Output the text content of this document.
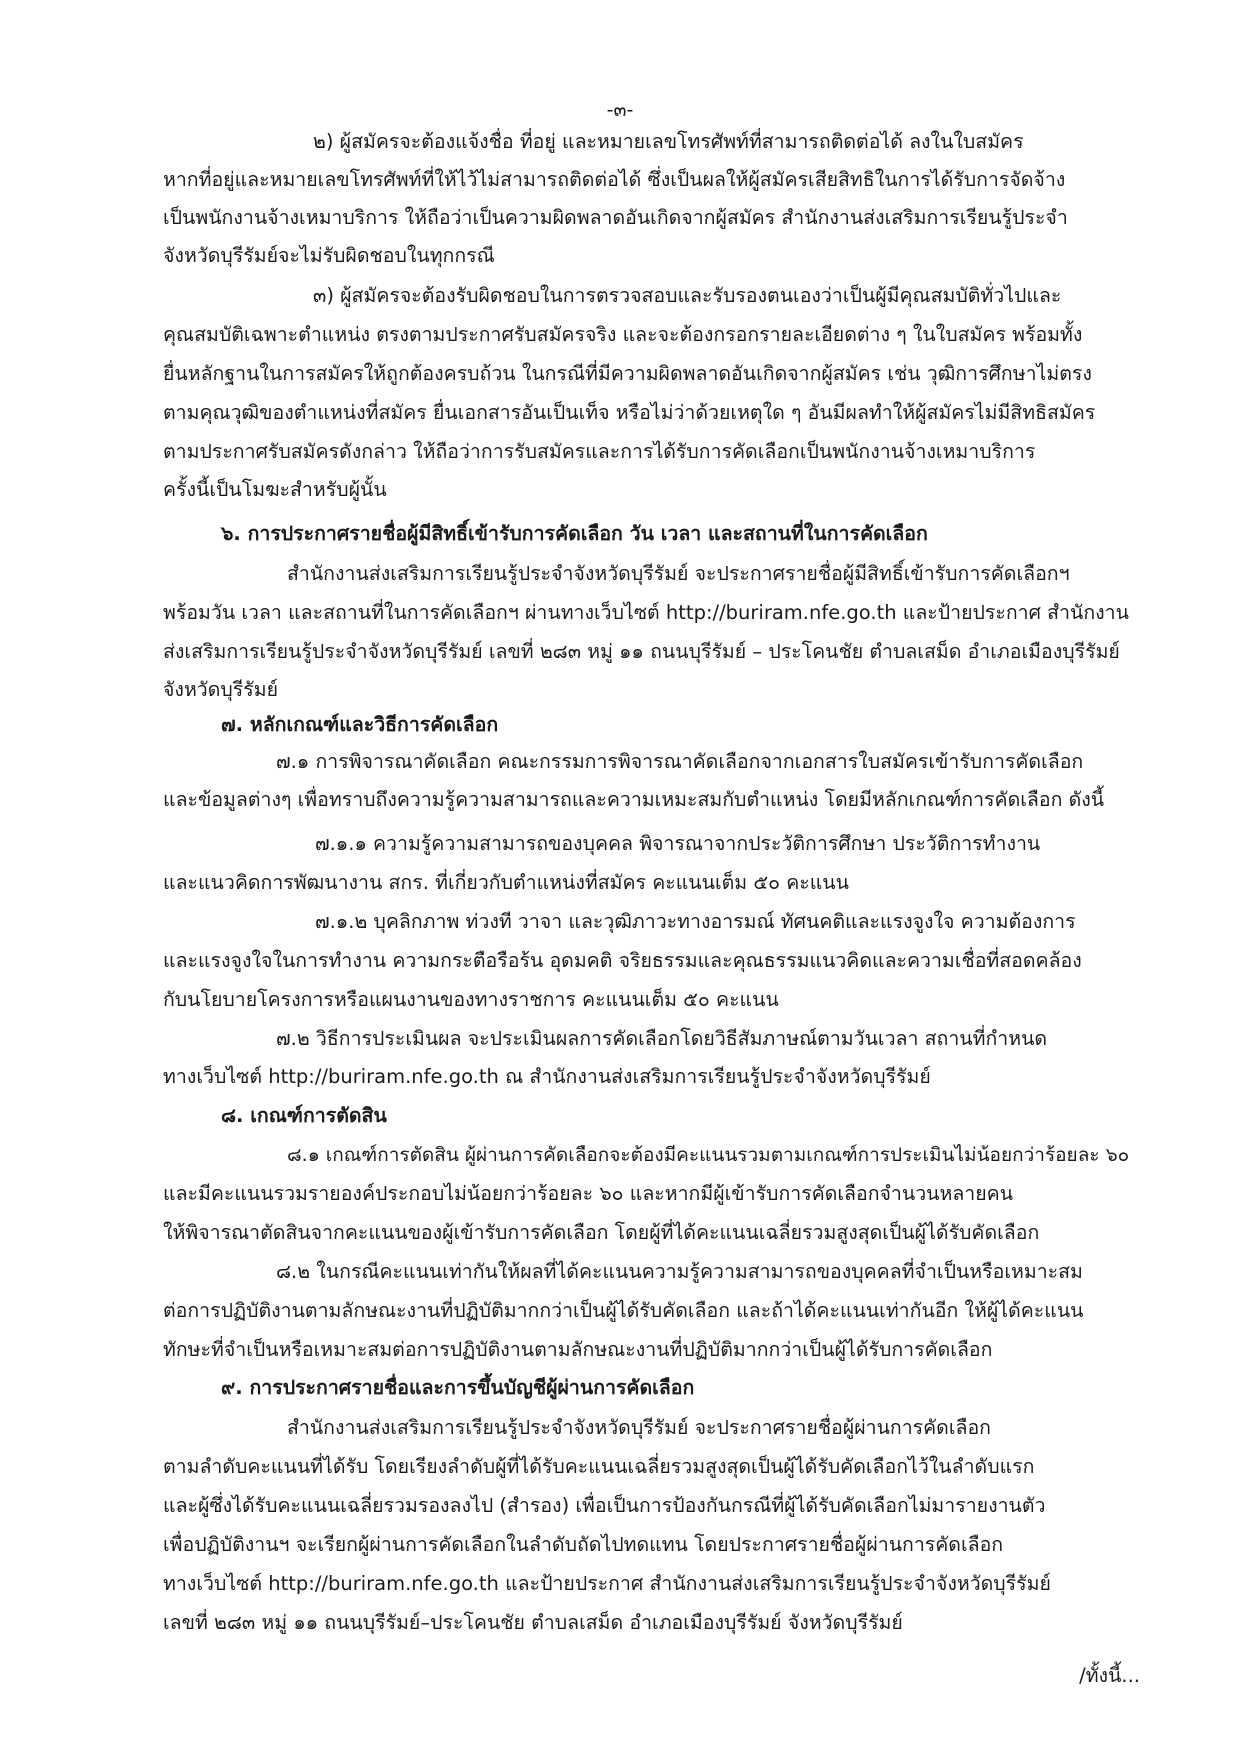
-๓-
๒) ผู้สมัครจะต้องแจ้งชื่อ ที่อยู่ และหมายเลขโทรศัพท์ที่สามารถติดต่อได้ ลงในใบสมัคร
หากที่อยู่และหมายเลขโทรศัพท์ที่ให้ไว้ไม่สามารถติดต่อได้ ซึ่งเป็นผลให้ผู้สมัครเสียสิทธิในการได้รับการจัดจ้าง
เป็นพนักงานจ้างเหมาบริการ ให้ถือว่าเป็นความผิดพลาดอันเกิดจากผู้สมัคร สำนักงานส่งเสริมการเรียนรู้ประจำ
จังหวัดบุรีรัมย์จะไม่รับผิดชอบในทุกกรณี
๓) ผู้สมัครจะต้องรับผิดชอบในการตรวจสอบและรับรองตนเองว่าเป็นผู้มีคุณสมบัติทั่วไปและ
คุณสมบัติเฉพาะตำแหน่ง ตรงตามประกาศรับสมัครจริง และจะต้องกรอกรายละเอียดต่าง ๆ ในใบสมัคร พร้อมทั้ง
ยื่นหลักฐานในการสมัครให้ถูกต้องครบถ้วน ในกรณีที่มีความผิดพลาดอันเกิดจากผู้สมัคร เช่น วุฒิการศึกษาไม่ตรง
ตามคุณวุฒิของตำแหน่งที่สมัคร ยื่นเอกสารอันเป็นเท็จ หรือไม่ว่าด้วยเหตุใด ๆ อันมีผลทำให้ผู้สมัครไม่มีสิทธิสมัคร
ตามประกาศรับสมัครดังกล่าว ให้ถือว่าการรับสมัครและการได้รับการคัดเลือกเป็นพนักงานจ้างเหมาบริการ
ครั้งนี้เป็นโมฆะสำหรับผู้นั้น
๖. การประกาศรายชื่อผู้มีสิทธิ์เข้ารับการคัดเลือก วัน เวลา และสถานที่ในการคัดเลือก
สำนักงานส่งเสริมการเรียนรู้ประจำจังหวัดบุรีรัมย์ จะประกาศรายชื่อผู้มีสิทธิ์เข้ารับการคัดเลือกฯ
พร้อมวัน เวลา และสถานที่ในการคัดเลือกฯ ผ่านทางเว็บไซต์ http://buriram.nfe.go.th และป้ายประกาศ สำนักงาน
ส่งเสริมการเรียนรู้ประจำจังหวัดบุรีรัมย์ เลขที่ ๒๘๓ หมู่ ๑๑ ถนนบุรีรัมย์ – ประโคนชัย ตำบลเสม็ด อำเภอเมืองบุรีรัมย์
จังหวัดบุรีรัมย์
๗. หลักเกณฑ์และวิธีการคัดเลือก
๗.๑ การพิจารณาคัดเลือก คณะกรรมการพิจารณาคัดเลือกจากเอกสารใบสมัครเข้ารับการคัดเลือก
และข้อมูลต่างๆ เพื่อทราบถึงความรู้ความสามารถและความเหมะสมกับตำแหน่ง โดยมีหลักเกณฑ์การคัดเลือก ดังนี้
๗.๑.๑ ความรู้ความสามารถของบุคคล พิจารณาจากประวัติการศึกษา ประวัติการทำงาน
และแนวคิดการพัฒนางาน สกร. ที่เกี่ยวกับตำแหน่งที่สมัคร คะแนนเต็ม ๕๐ คะแนน
๗.๑.๒ บุคลิกภาพ ท่วงที วาจา และวุฒิภาวะทางอารมณ์ ทัศนคติและแรงจูงใจ ความต้องการ
และแรงจูงใจในการทำงาน ความกระตือรือร้น อุดมคติ จริยธรรมและคุณธรรมแนวคิดและความเชื่อที่สอดคล้อง
กับนโยบายโครงการหรือแผนงานของทางราชการ คะแนนเต็ม ๕๐ คะแนน
๗.๒ วิธีการประเมินผล จะประเมินผลการคัดเลือกโดยวิธีสัมภาษณ์ตามวันเวลา สถานที่กำหนด
ทางเว็บไซต์ http://buriram.nfe.go.th ณ สำนักงานส่งเสริมการเรียนรู้ประจำจังหวัดบุรีรัมย์
๘. เกณฑ์การตัดสิน
๘.๑ เกณฑ์การตัดสิน ผู้ผ่านการคัดเลือกจะต้องมีคะแนนรวมตามเกณฑ์การประเมินไม่น้อยกว่าร้อยละ ๖๐
และมีคะแนนรวมรายองค์ประกอบไม่น้อยกว่าร้อยละ ๖๐ และหากมีผู้เข้ารับการคัดเลือกจำนวนหลายคน
ให้พิจารณาตัดสินจากคะแนนของผู้เข้ารับการคัดเลือก โดยผู้ที่ได้คะแนนเฉลี่ยรวมสูงสุดเป็นผู้ได้รับคัดเลือก
๘.๒ ในกรณีคะแนนเท่ากันให้ผลที่ได้คะแนนความรู้ความสามารถของบุคคลที่จำเป็นหรือเหมาะสม
ต่อการปฏิบัติงานตามลักษณะงานที่ปฏิบัติมากกว่าเป็นผู้ได้รับคัดเลือก และถ้าได้คะแนนเท่ากันอีก ให้ผู้ได้คะแนน
ทักษะที่จำเป็นหรือเหมาะสมต่อการปฏิบัติงานตามลักษณะงานที่ปฏิบัติมากกว่าเป็นผู้ได้รับการคัดเลือก
๙. การประกาศรายชื่อและการขึ้นบัญชีผู้ผ่านการคัดเลือก
สำนักงานส่งเสริมการเรียนรู้ประจำจังหวัดบุรีรัมย์ จะประกาศรายชื่อผู้ผ่านการคัดเลือก
ตามลำดับคะแนนที่ได้รับ โดยเรียงลำดับผู้ที่ได้รับคะแนนเฉลี่ยรวมสูงสุดเป็นผู้ได้รับคัดเลือกไว้ในลำดับแรก
และผู้ซึ่งได้รับคะแนนเฉลี่ยรวมรองลงไป (สำรอง) เพื่อเป็นการป้องกันกรณีที่ผู้ได้รับคัดเลือกไม่มารายงานตัว
เพื่อปฏิบัติงานฯ จะเรียกผู้ผ่านการคัดเลือกในลำดับถัดไปทดแทน โดยประกาศรายชื่อผู้ผ่านการคัดเลือก
ทางเว็บไซต์ http://buriram.nfe.go.th และป้ายประกาศ สำนักงานส่งเสริมการเรียนรู้ประจำจังหวัดบุรีรัมย์
เลขที่ ๒๘๓ หมู่ ๑๑ ถนนบุรีรัมย์–ประโคนชัย ตำบลเสม็ด อำเภอเมืองบุรีรัมย์ จังหวัดบุรีรัมย์
/ทั้งนี้...
